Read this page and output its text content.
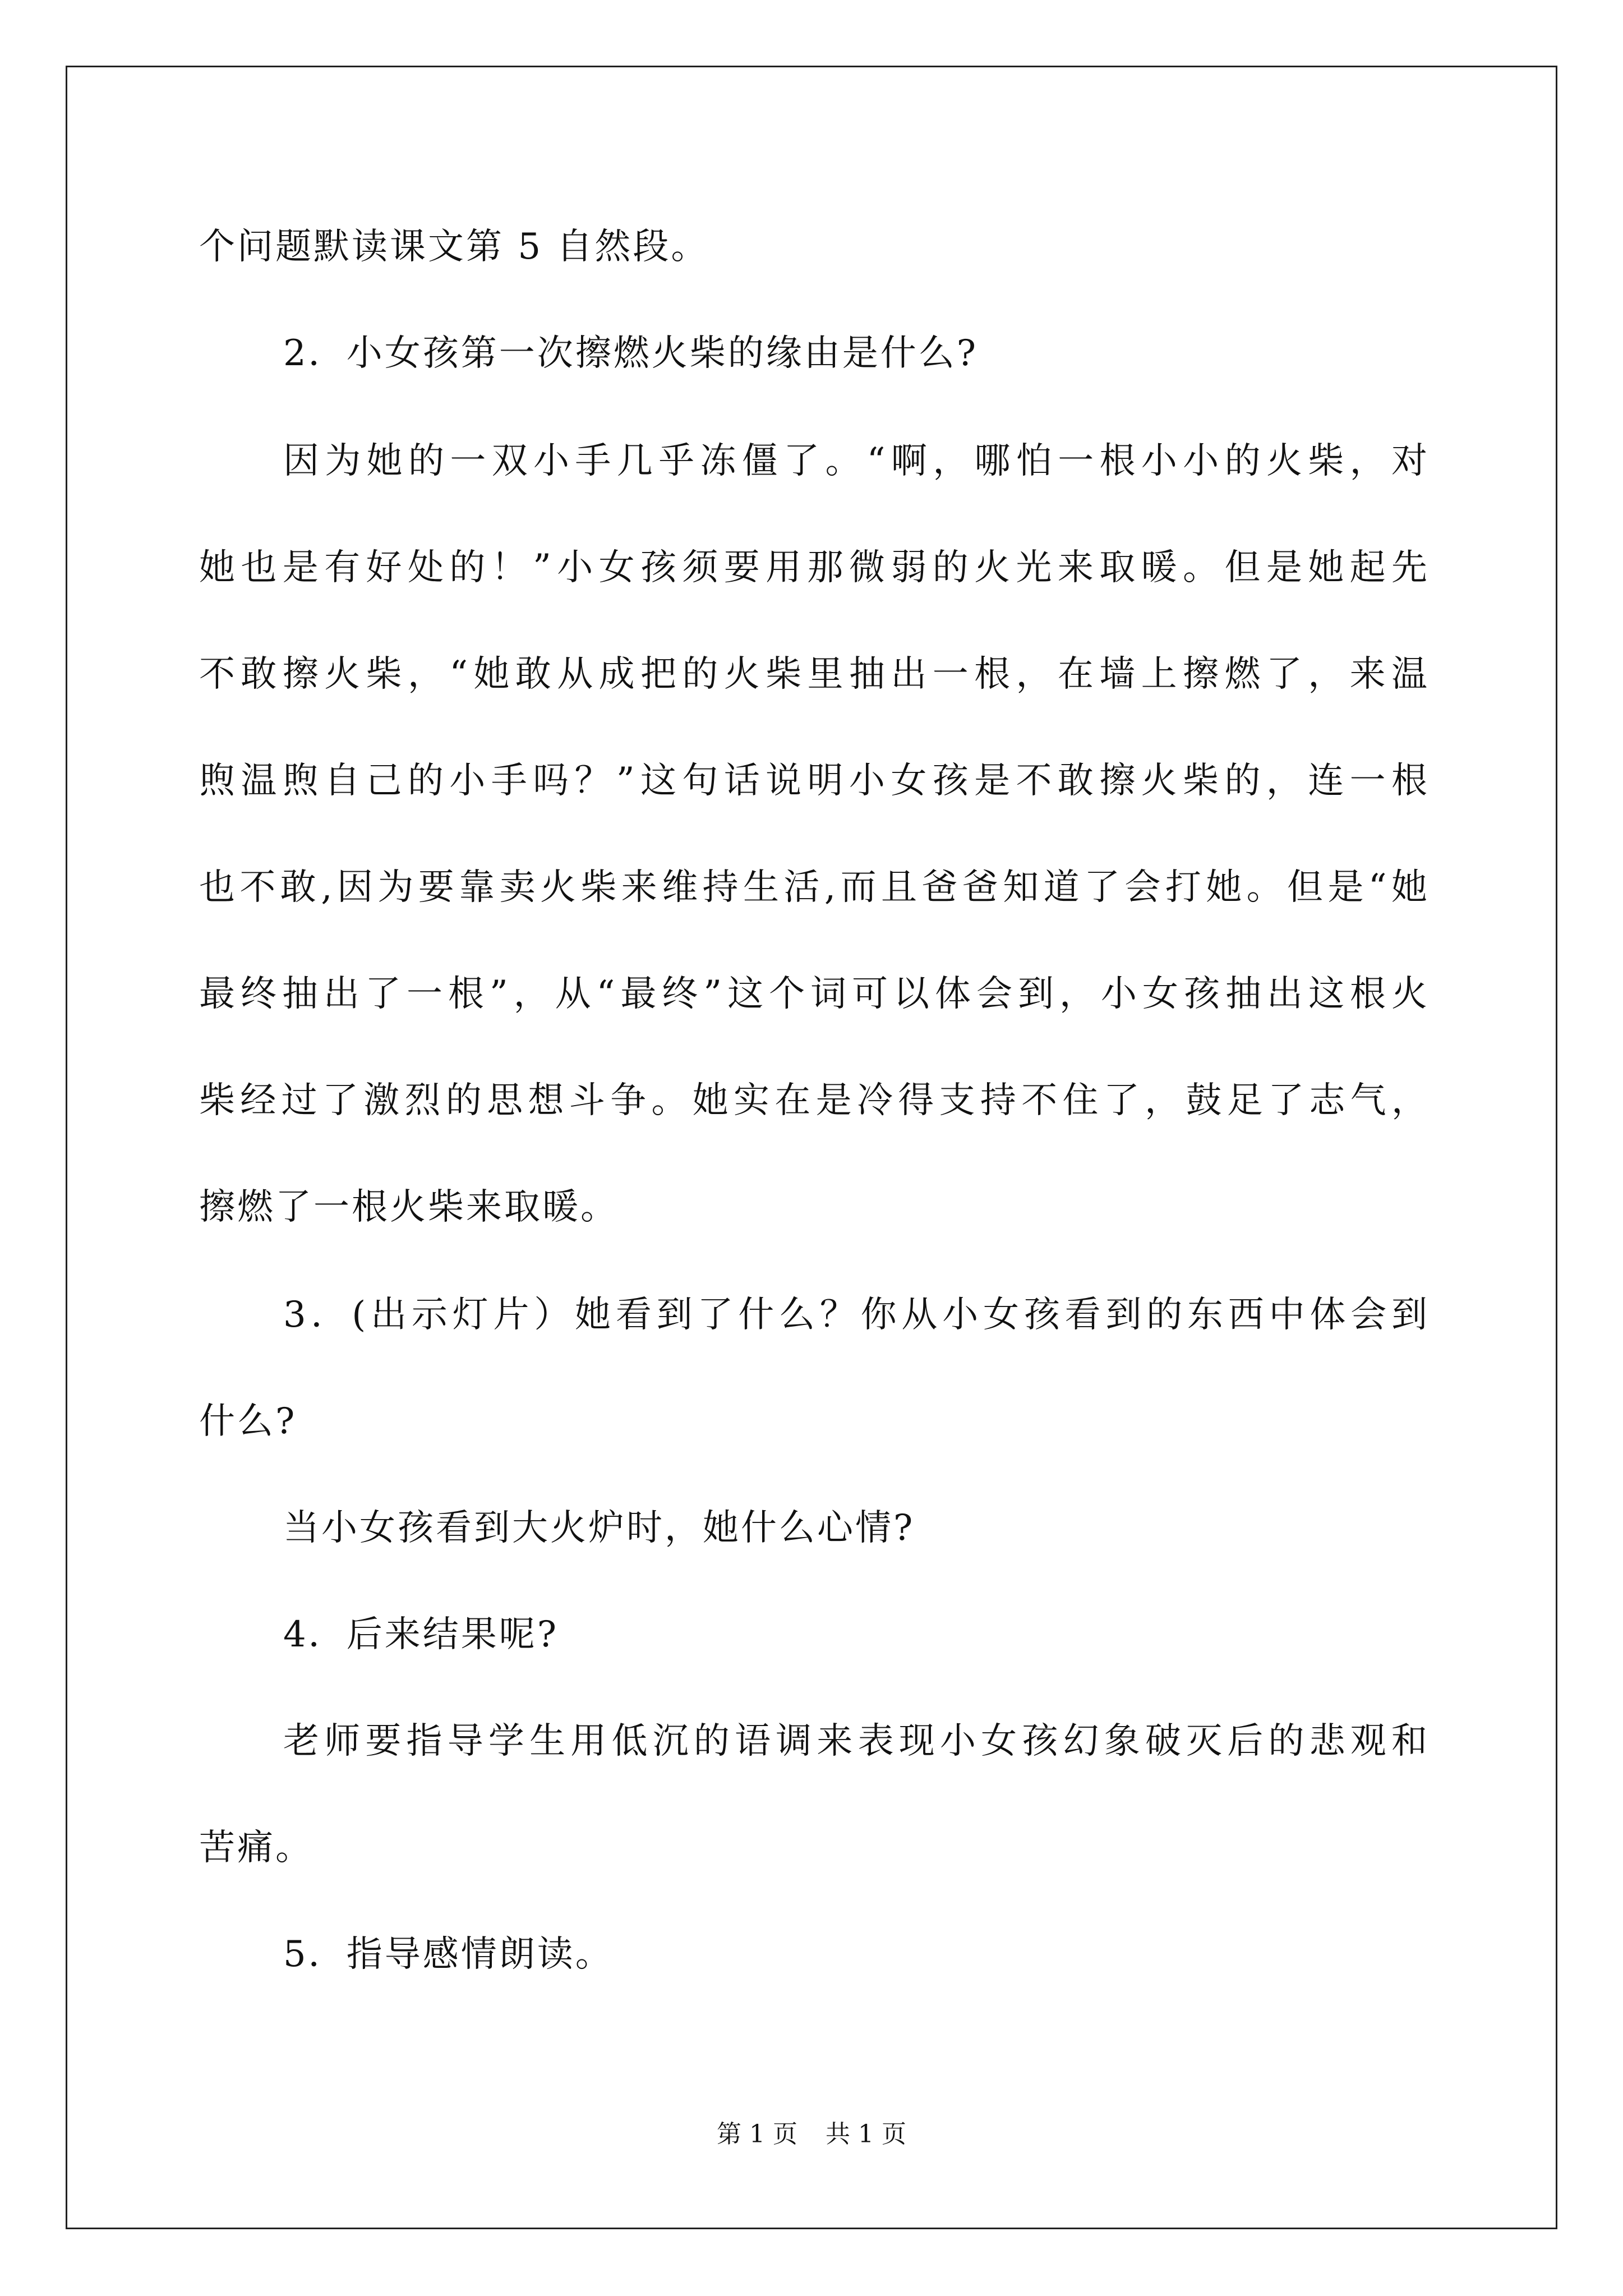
个问题默读课文第 5 自然段。
2．小女孩第一次擦燃火柴的缘由是什么?
因为她的一双小手几乎冻僵了。“啊，哪怕一根小小的火柴，对
她也是有好处的！”小女孩须要用那微弱的火光来取暖。但是她起先
不敢擦火柴，“她敢从成把的火柴里抽出一根，在墙上擦燃了，来温
煦温煦自己的小手吗？”这句话说明小女孩是不敢擦火柴的，连一根
也不敢,因为要靠卖火柴来维持生活,而且爸爸知道了会打她。但是“她
最终抽出了一根”，从“最终”这个词可以体会到，小女孩抽出这根火
柴经过了激烈的思想斗争。她实在是冷得支持不住了，鼓足了志气，
擦燃了一根火柴来取暖。
3．(出示灯片）她看到了什么？你从小女孩看到的东西中体会到
什么?
当小女孩看到大火炉时，她什么心情?
4．后来结果呢?
老师要指导学生用低沉的语调来表现小女孩幻象破灭后的悲观和
苦痛。
5．指导感情朗读。
第 1 页 共 1 页
